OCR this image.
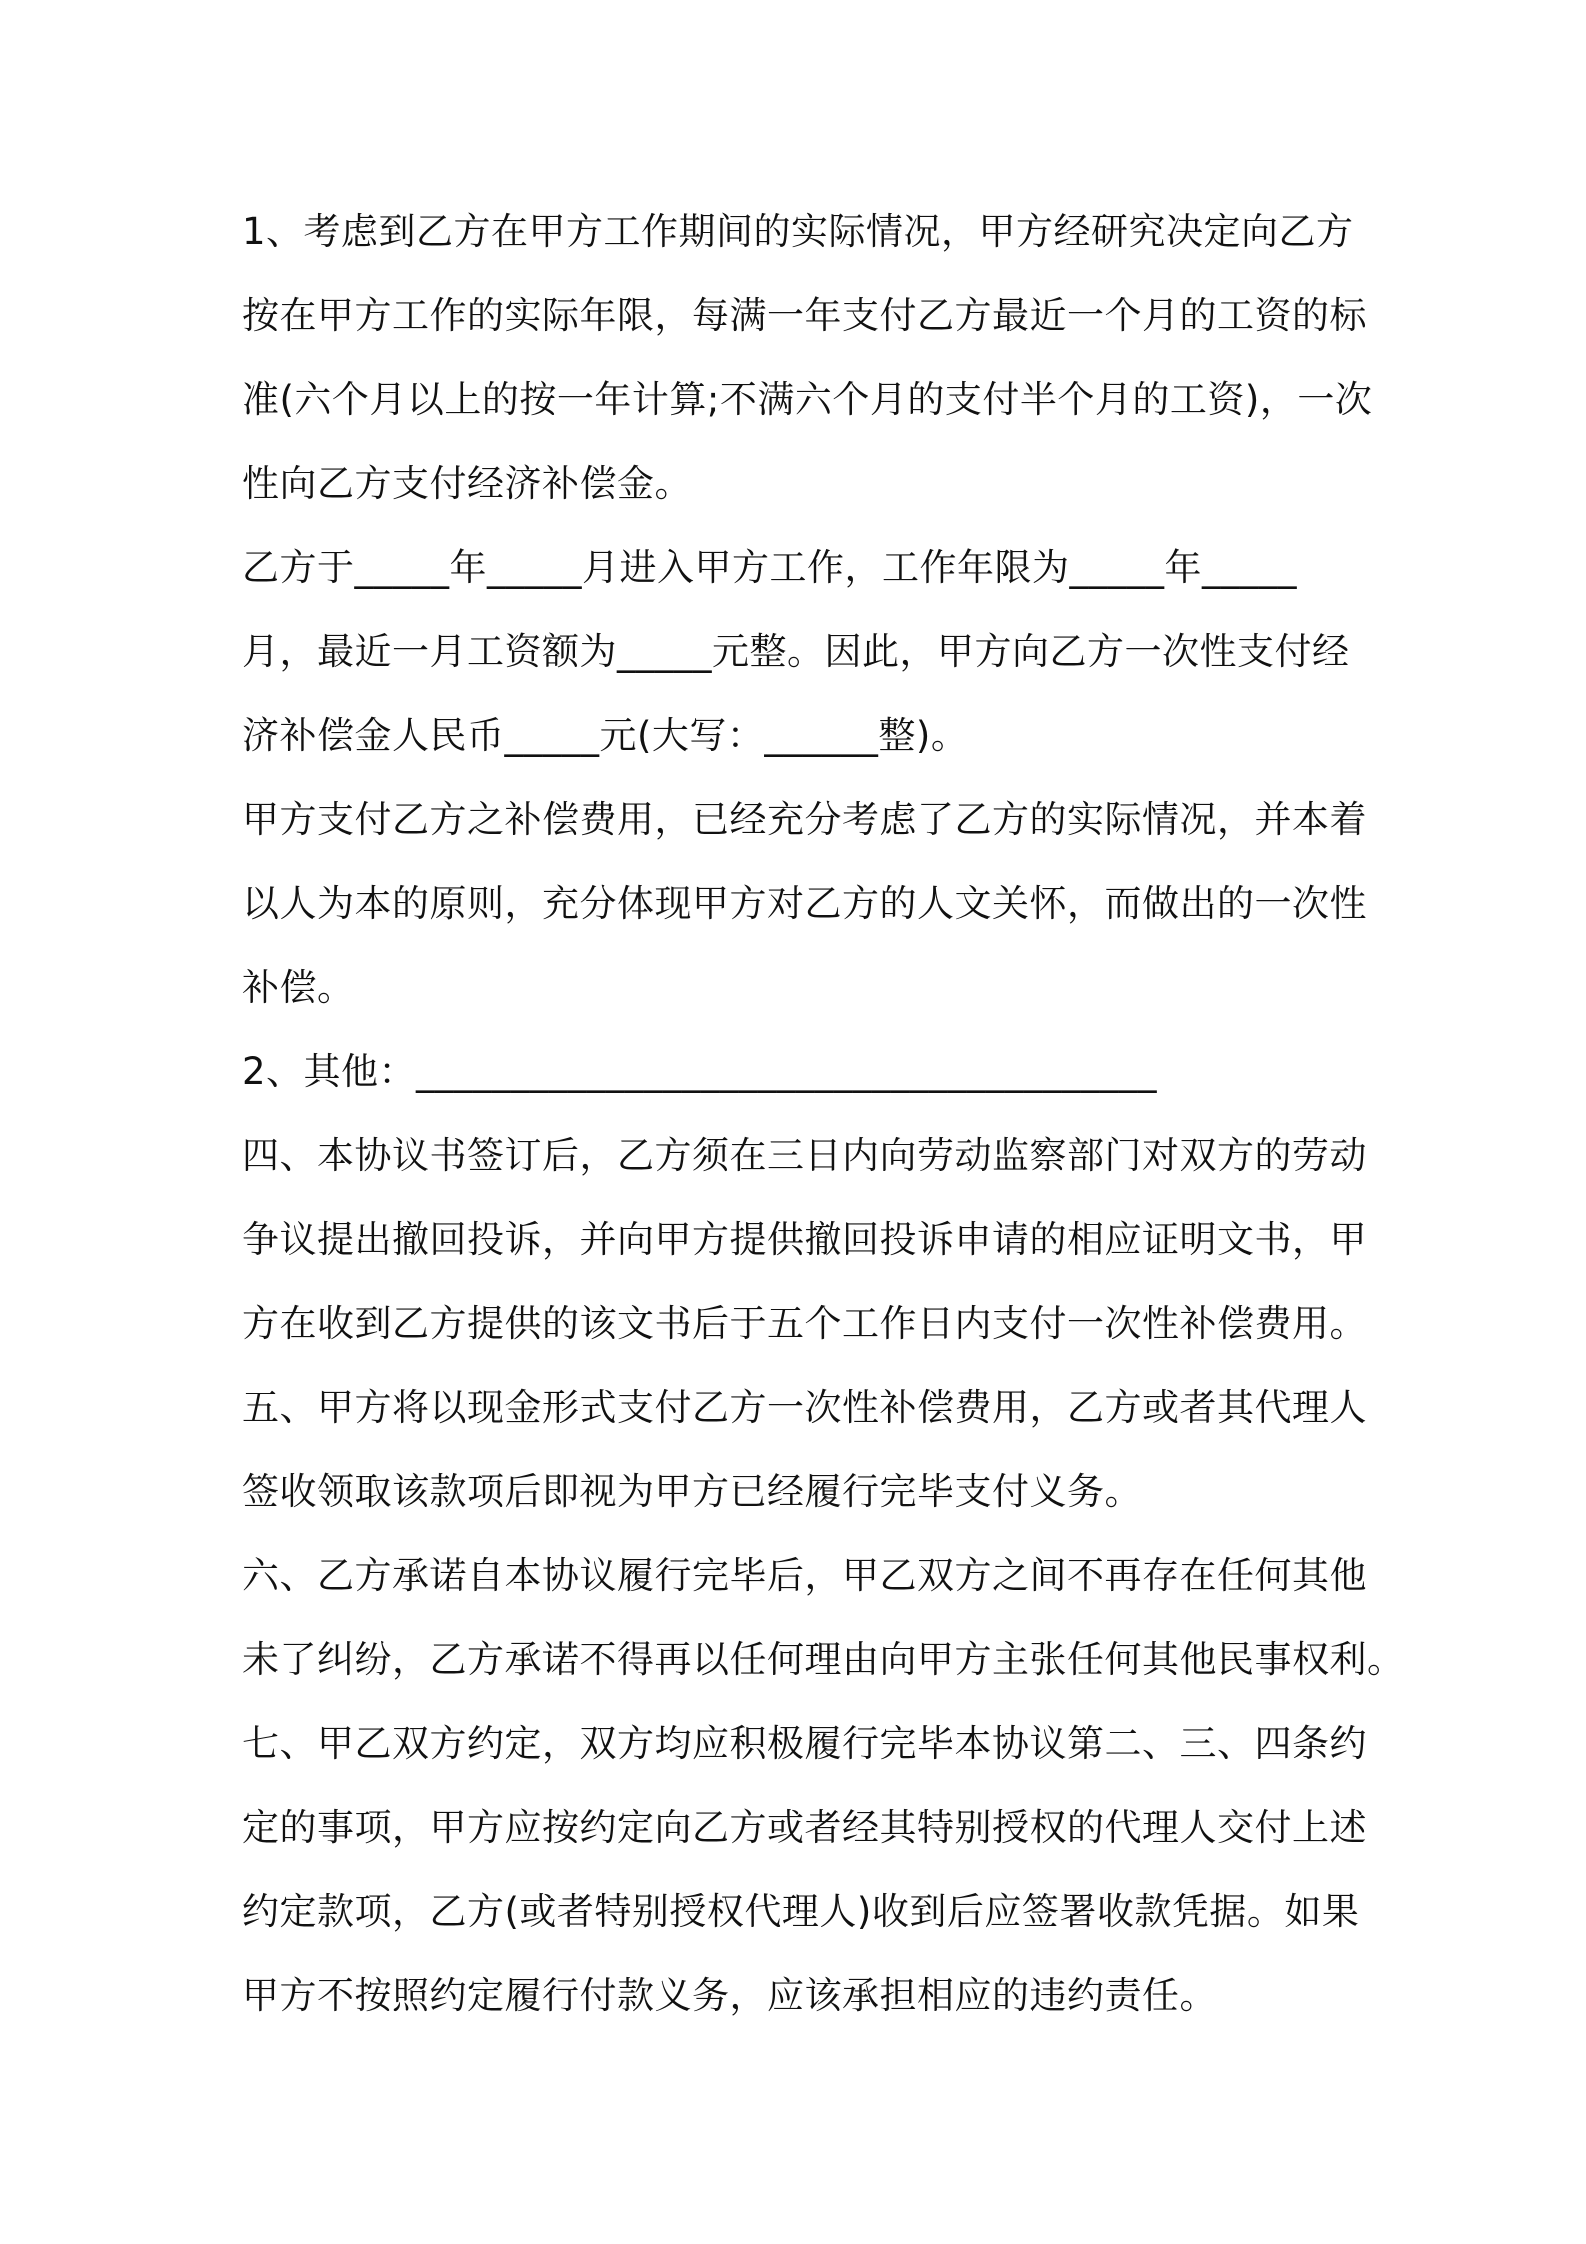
1、考虑到乙方在甲方工作期间的实际情况，甲方经研究决定向乙方
按在甲方工作的实际年限，每满一年支付乙方最近一个月的工资的标
准(六个月以上的按一年计算;不满六个月的支付半个月的工资)，一次
性向乙方支付经济补偿金。
乙方于_____年_____月进入甲方工作，工作年限为_____年_____
月，最近一月工资额为_____元整。因此，甲方向乙方一次性支付经
济补偿金人民币_____元(大写：______整)。
甲方支付乙方之补偿费用，已经充分考虑了乙方的实际情况，并本着
以人为本的原则，充分体现甲方对乙方的人文关怀，而做出的一次性
补偿。
2、其他：_______________________________________
四、本协议书签订后，乙方须在三日内向劳动监察部门对双方的劳动
争议提出撤回投诉，并向甲方提供撤回投诉申请的相应证明文书，甲
方在收到乙方提供的该文书后于五个工作日内支付一次性补偿费用。
五、甲方将以现金形式支付乙方一次性补偿费用，乙方或者其代理人
签收领取该款项后即视为甲方已经履行完毕支付义务。
六、乙方承诺自本协议履行完毕后，甲乙双方之间不再存在任何其他
未了纠纷，乙方承诺不得再以任何理由向甲方主张任何其他民事权利。
七、甲乙双方约定，双方均应积极履行完毕本协议第二、三、四条约
定的事项，甲方应按约定向乙方或者经其特别授权的代理人交付上述
约定款项，乙方(或者特别授权代理人)收到后应签署收款凭据。如果
甲方不按照约定履行付款义务，应该承担相应的违约责任。
